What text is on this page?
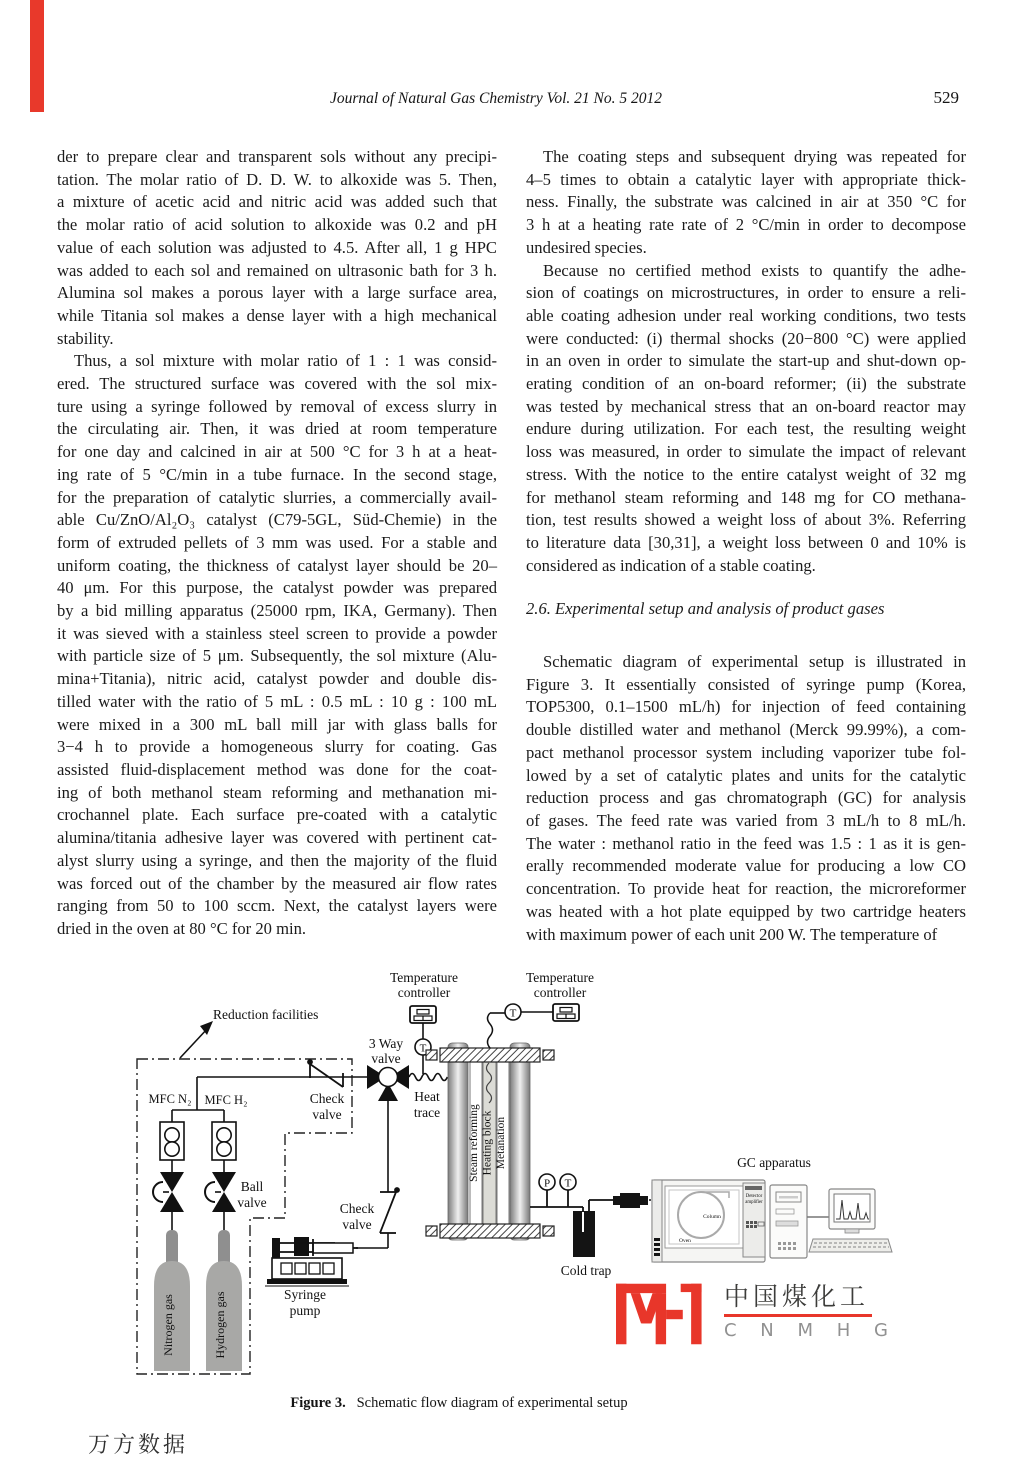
Journal of Natural Gas Chemistry Vol. 21 No. 5 2012	529
der to prepare clear and transparent sols without any precipi-
tation. The molar ratio of D. D. W. to alkoxide was 5. Then,
a mixture of acetic acid and nitric acid was added such that
the molar ratio of acid solution to alkoxide was 0.2 and pH
value of each solution was adjusted to 4.5. After all, 1 g HPC
was added to each sol and remained on ultrasonic bath for 3 h.
Alumina sol makes a porous layer with a large surface area,
while Titania sol makes a dense layer with a high mechanical
stability.
Thus, a sol mixture with molar ratio of 1 : 1 was consid-
ered. The structured surface was covered with the sol mix-
ture using a syringe followed by removal of excess slurry in
the circulating air. Then, it was dried at room temperature
for one day and calcined in air at 500 °C for 3 h at a heat-
ing rate of 5 °C/min in a tube furnace. In the second stage,
for the preparation of catalytic slurries, a commercially avail-
able Cu/ZnO/Al₂O₃ catalyst (C79-5GL, Süd-Chemie) in the
form of extruded pellets of 3 mm was used. For a stable and
uniform coating, the thickness of catalyst layer should be 20–
40 μm. For this purpose, the catalyst powder was prepared
by a bid milling apparatus (25000 rpm, IKA, Germany). Then
it was sieved with a stainless steel screen to provide a powder
with particle size of 5 μm. Subsequently, the sol mixture (Alu-
mina+Titania), nitric acid, catalyst powder and double dis-
tilled water with the ratio of 5 mL : 0.5 mL : 10 g : 100 mL
were mixed in a 300 mL ball mill jar with glass balls for
3−4 h to provide a homogeneous slurry for coating. Gas
assisted fluid-displacement method was done for the coat-
ing of both methanol steam reforming and methanation mi-
crochannel plate. Each surface pre-coated with a catalytic
alumina/titania adhesive layer was covered with pertinent cat-
alyst slurry using a syringe, and then the majority of the fluid
was forced out of the chamber by the measured air flow rates
ranging from 50 to 100 sccm. Next, the catalyst layers were
dried in the oven at 80 °C for 20 min.
The coating steps and subsequent drying was repeated for
4–5 times to obtain a catalytic layer with appropriate thick-
ness. Finally, the substrate was calcined in air at 350 °C for
3 h at a heating rate rate of 2 °C/min in order to decompose
undesired species.
Because no certified method exists to quantify the adhe-
sion of coatings on microstructures, in order to ensure a reli-
able coating adhesion under real working conditions, two tests
were conducted: (i) thermal shocks (20−800 °C) were applied
in an oven in order to simulate the start-up and shut-down op-
erating condition of an on-board reformer; (ii) the substrate
was tested by mechanical stress that an on-board reactor may
endure during utilization. For each test, the resulting weight
loss was measured, in order to simulate the impact of relevant
stress. With the notice to the entire catalyst weight of 32 mg
for methanol steam reforming and 148 mg for CO methana-
tion, test results showed a weight loss of about 3%. Referring
to literature data [30,31], a weight loss between 0 and 10% is
considered as indication of a stable coating.
2.6. Experimental setup and analysis of product gases
Schematic diagram of experimental setup is illustrated in
Figure 3. It essentially consisted of syringe pump (Korea,
TOP5300, 0.1–1500 mL/h) for injection of feed containing
double distilled water and methanol (Merck 99.99%), a com-
pact methanol processor system including vaporizer tube fol-
lowed by a set of catalytic plates and units for the catalytic
reduction process and gas chromatograph (GC) for analysis
of gases. The feed rate was varied from 3 mL/h to 8 mL/h.
The water : methanol ratio in the feed was 1.5 : 1 as it is gen-
erally recommended moderate value for producing a low CO
concentration. To provide heat for reaction, the microreformer
was heated with a hot plate equipped by two cartridge heaters
with maximum power of each unit 200 W. The temperature of
Reduction facilities
Check
valve
3 Way
valve
Heat
trace
Temperature
controller
T
Check
valve
MFC N₂ MFC H₂
Ball
valve
Nitrogen gas	Hydrogen gas	Syringe
pump
Steam reforming Heating block Metanation
T
Temperature
controller
P T
Cold trap
GC apparatus
Column
Oven
Detector
amplifier
Figure 3. Schematic flow diagram of experimental setup
中国煤化工
C N M H G
万方数据
